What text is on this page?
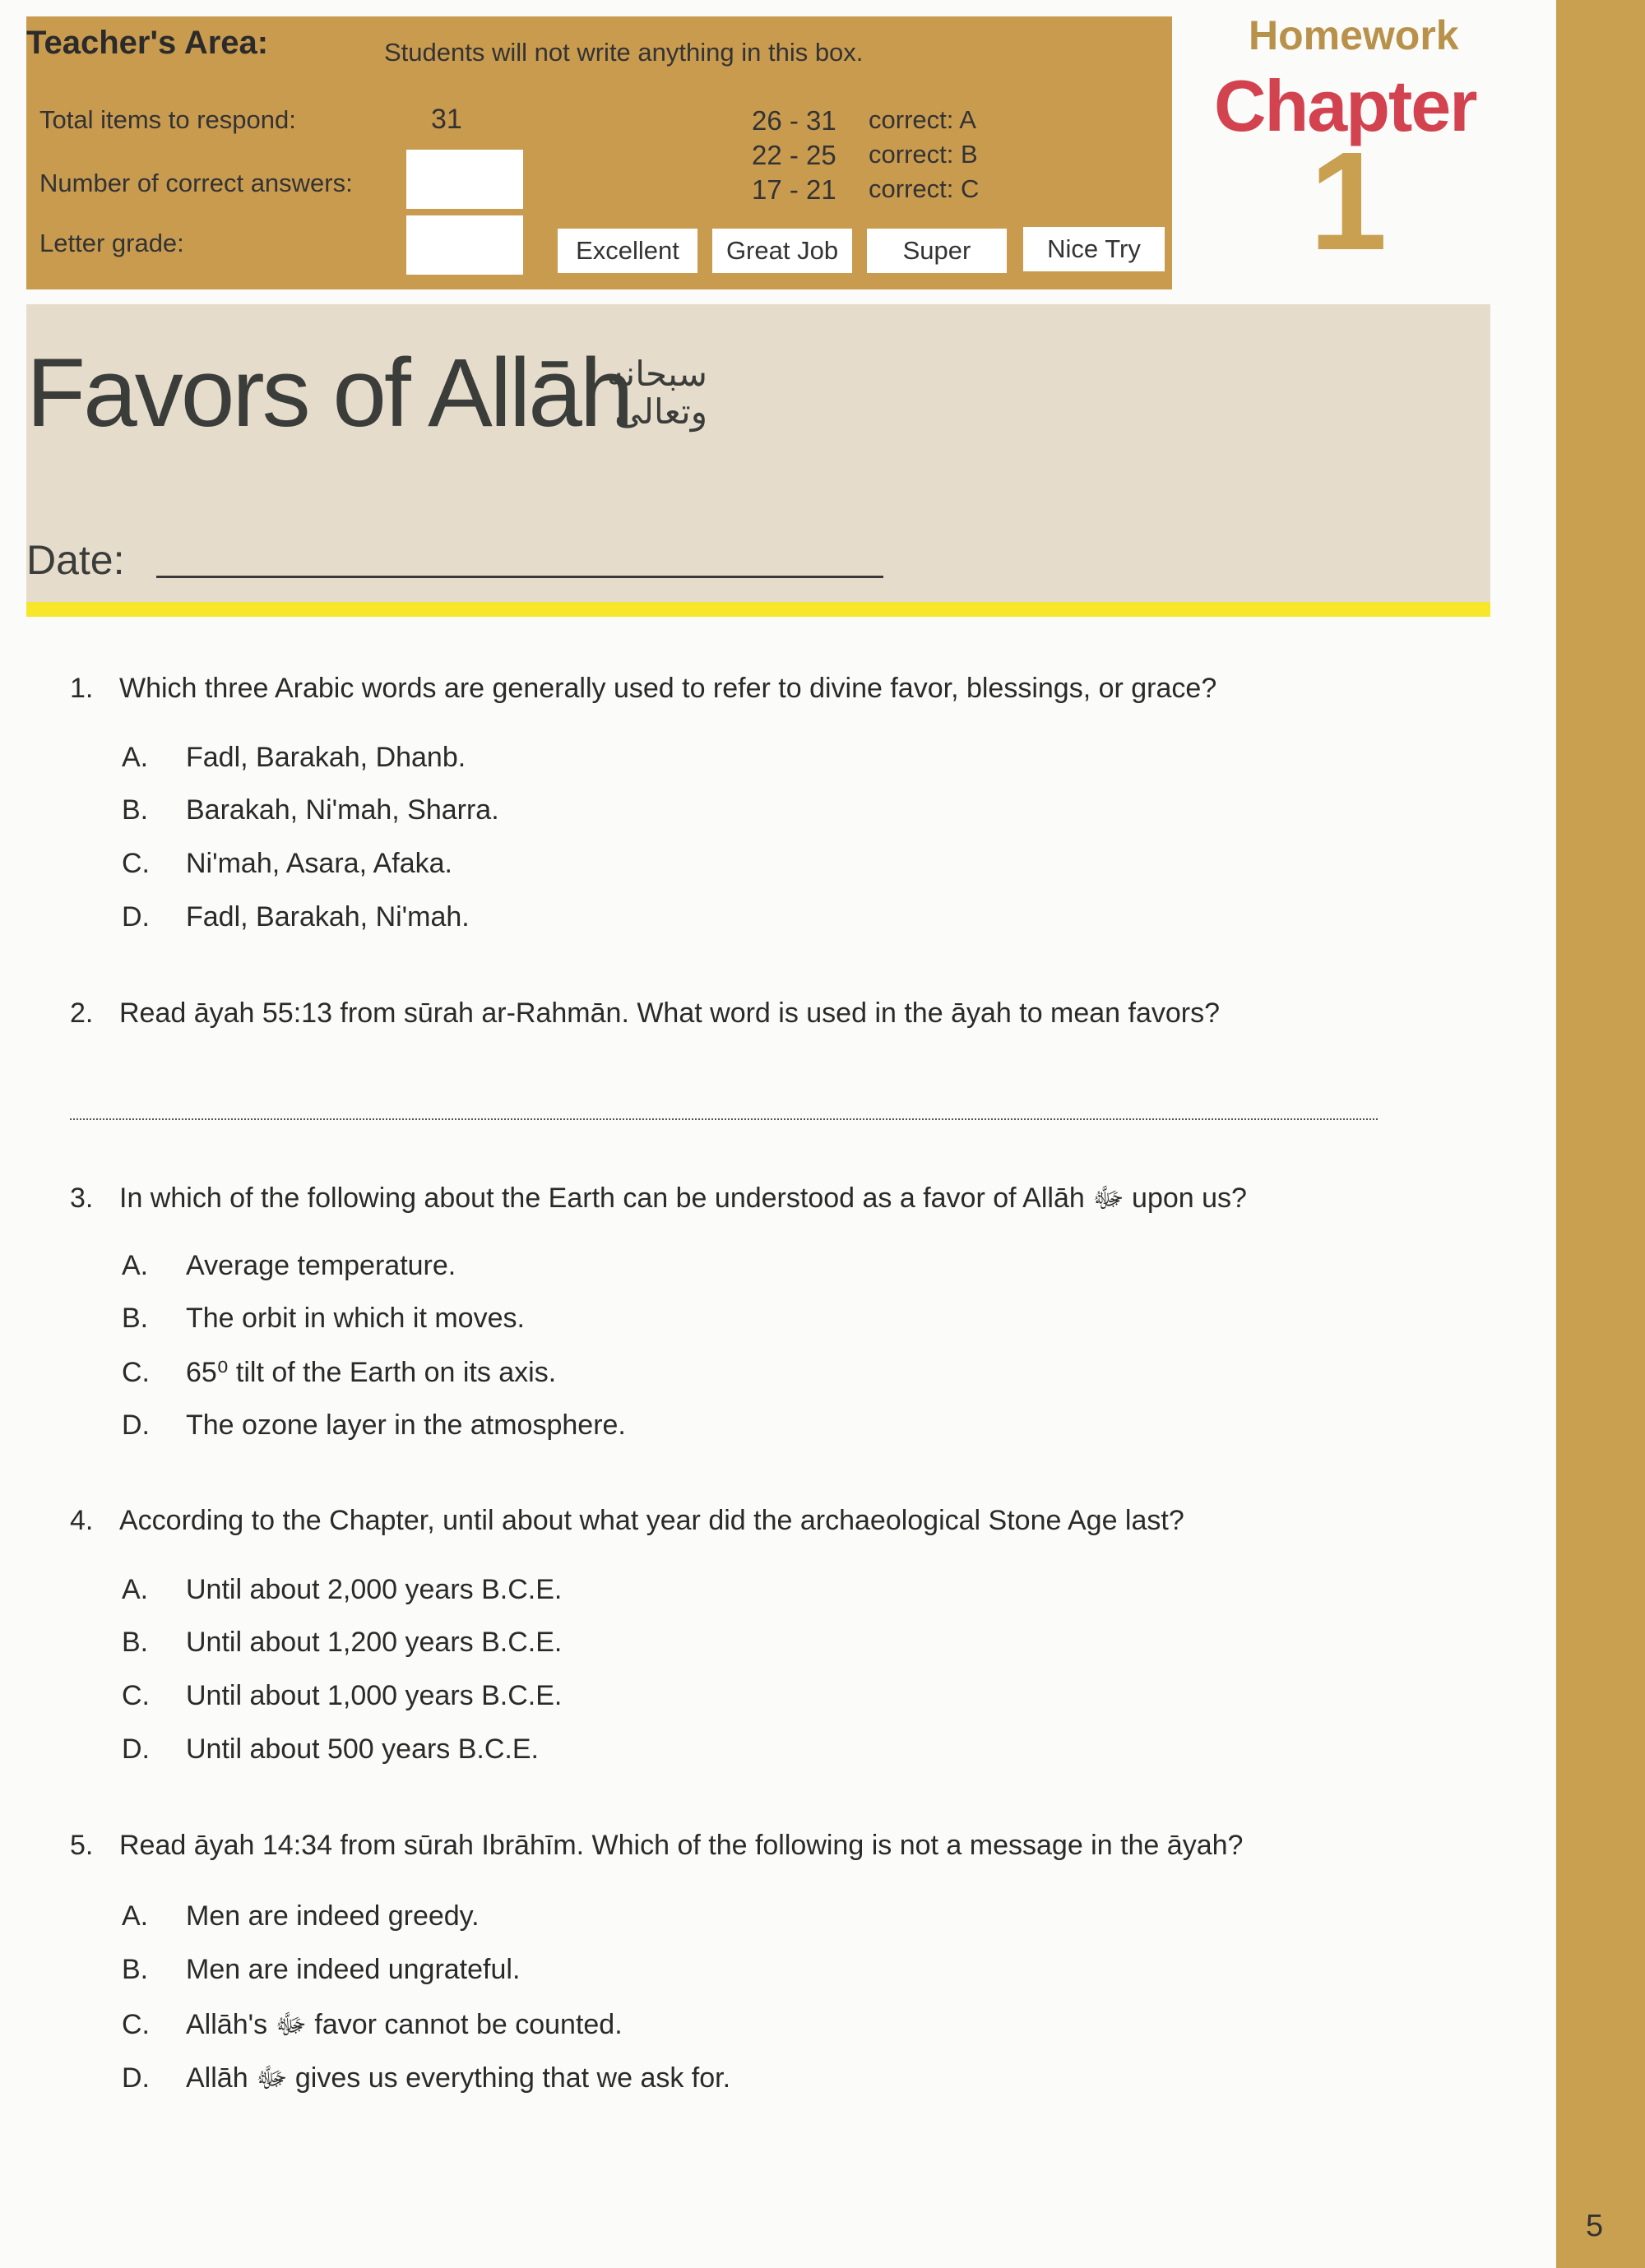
Teacher's Area:	Students will not write anything in this box.
Total items to respond:	31
Number of correct answers:
Letter grade:
26 - 31 correct: A
22 - 25 correct: B
17 - 21 correct: C
Excellent	Great Job	Super	Nice Try
Homework
Chapter
1
Favors of Allāh
سبحانه وتعالى
Date:
1. Which three Arabic words are generally used to refer to divine favor, blessings, or grace?
A. Fadl, Barakah, Dhanb.
B. Barakah, Ni'mah, Sharra.
C. Ni'mah, Asara, Afaka.
D. Fadl, Barakah, Ni'mah.
2. Read āyah 55:13 from sūrah ar-Rahmān. What word is used in the āyah to mean favors?
3. In which of the following about the Earth can be understood as a favor of Allāh ﷻ upon us?
A. Average temperature.
B. The orbit in which it moves.
C. 65⁰ tilt of the Earth on its axis.
D. The ozone layer in the atmosphere.
4. According to the Chapter, until about what year did the archaeological Stone Age last?
A. Until about 2,000 years B.C.E.
B. Until about 1,200 years B.C.E.
C. Until about 1,000 years B.C.E.
D. Until about 500 years B.C.E.
5. Read āyah 14:34 from sūrah Ibrāhīm. Which of the following is not a message in the āyah?
A. Men are indeed greedy.
B. Men are indeed ungrateful.
C. Allāh's ﷻ favor cannot be counted.
D. Allāh ﷻ gives us everything that we ask for.
5
